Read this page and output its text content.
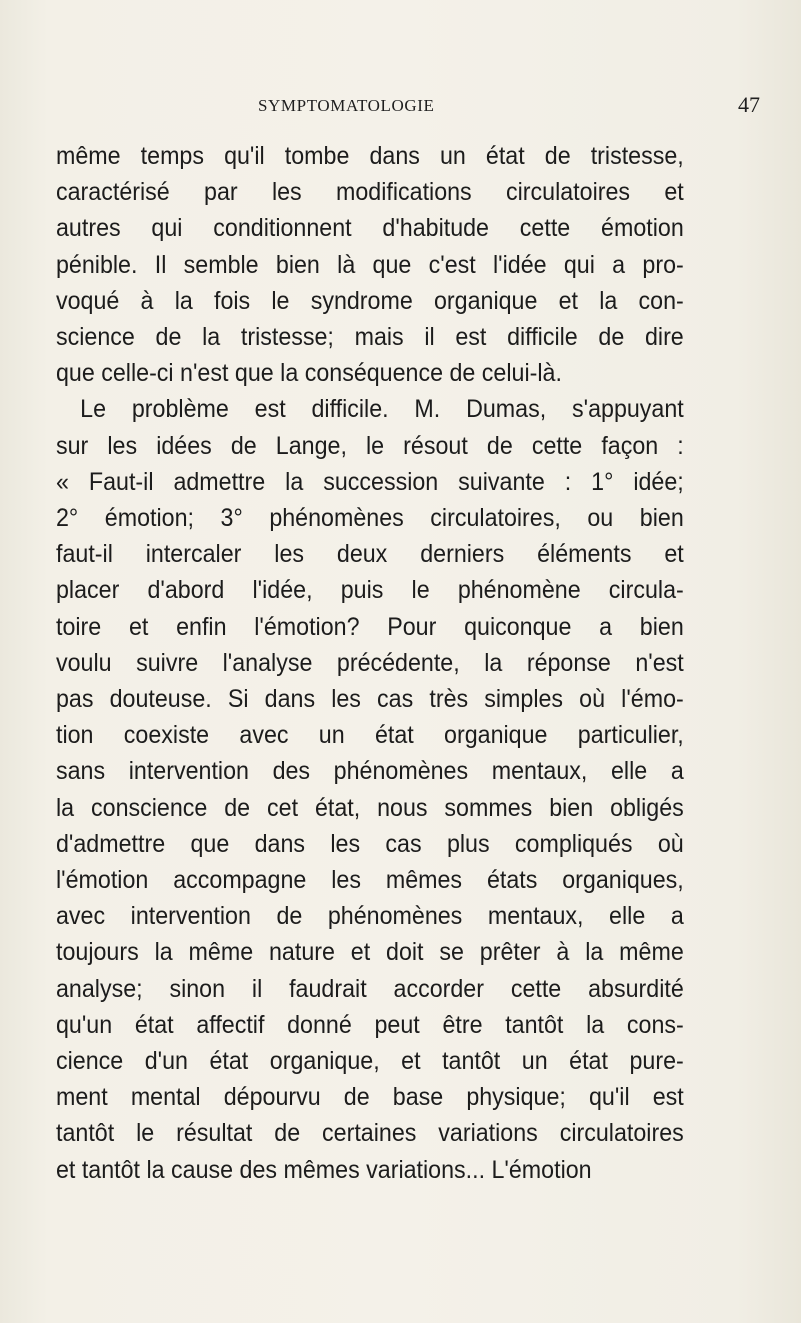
SYMPTOMATOLOGIE	47
même temps qu'il tombe dans un état de tristesse,
caractérisé par les modifications circulatoires et
autres qui conditionnent d'habitude cette émotion
pénible. Il semble bien là que c'est l'idée qui a pro-
voqué à la fois le syndrome organique et la con-
science de la tristesse; mais il est difficile de dire
que celle-ci n'est que la conséquence de celui-là.
Le problème est difficile. M. Dumas, s'appuyant
sur les idées de Lange, le résout de cette façon :
« Faut-il admettre la succession suivante : 1° idée;
2° émotion; 3° phénomènes circulatoires, ou bien
faut-il intercaler les deux derniers éléments et
placer d'abord l'idée, puis le phénomène circula-
toire et enfin l'émotion? Pour quiconque a bien
voulu suivre l'analyse précédente, la réponse n'est
pas douteuse. Si dans les cas très simples où l'émo-
tion coexiste avec un état organique particulier,
sans intervention des phénomènes mentaux, elle a
la conscience de cet état, nous sommes bien obligés
d'admettre que dans les cas plus compliqués où
l'émotion accompagne les mêmes états organiques,
avec intervention de phénomènes mentaux, elle a
toujours la même nature et doit se prêter à la même
analyse; sinon il faudrait accorder cette absurdité
qu'un état affectif donné peut être tantôt la cons-
cience d'un état organique, et tantôt un état pure-
ment mental dépourvu de base physique; qu'il est
tantôt le résultat de certaines variations circulatoires
et tantôt la cause des mêmes variations... L'émotion
